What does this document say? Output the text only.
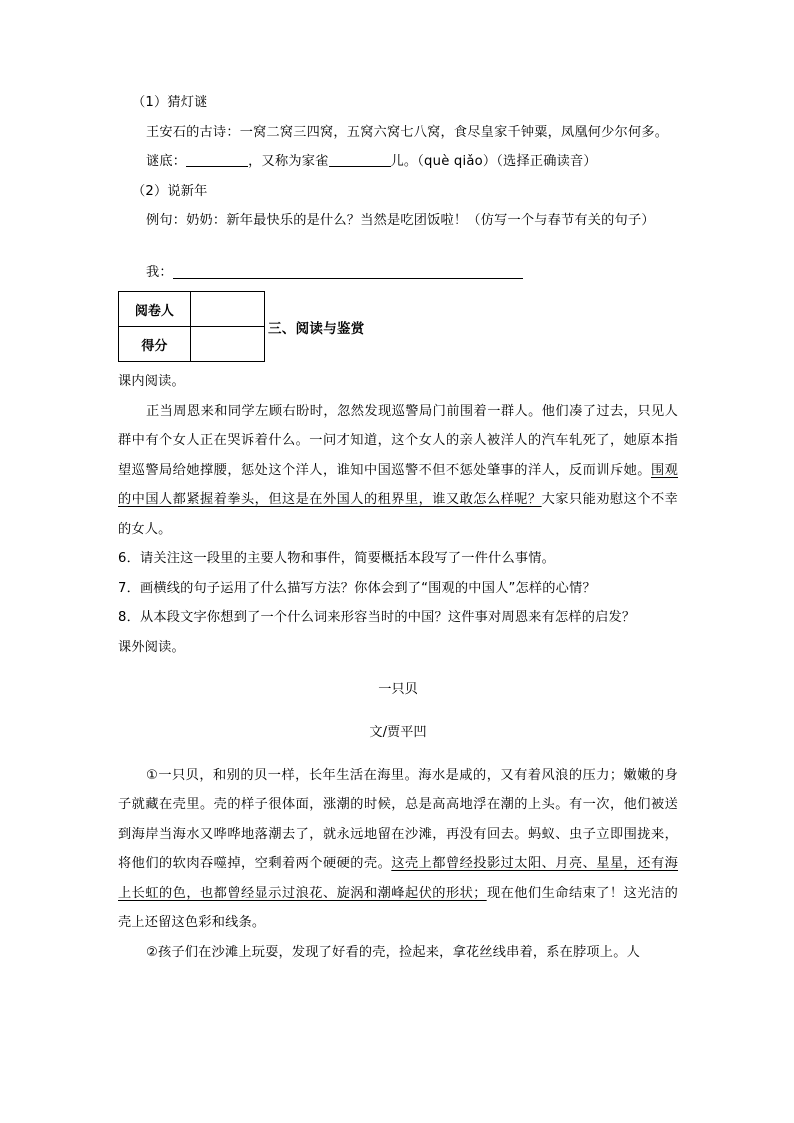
（1）猜灯谜

王安石的古诗：一窝二窝三四窝，五窝六窝七八窝，食尽皇家千钟粟，凤凰何少尔何多。

谜底：	，又称为家雀	儿。（què qiǎo）（选择正确读音）

（2）说新年

例句：奶奶：新年最快乐的是什么？当然是吃团饭啦！（仿写一个与春节有关的句子）

我：

阅卷人	
得分	
三、阅读与鉴赏

课内阅读。

正当周恩来和同学左顾右盼时，忽然发现巡警局门前围着一群人。他们凑了过去，只见人群中有个女人正在哭诉着什么。一问才知道，这个女人的亲人被洋人的汽车轧死了，她原本指望巡警局给她撑腰，惩处这个洋人，谁知中国巡警不但不惩处肇事的洋人，反而训斥她。围观的中国人都紧握着拳头，但这是在外国人的租界里，谁又敢怎么样呢？大家只能劝慰这个不幸的女人。

6．请关注这一段里的主要人物和事件，简要概括本段写了一件什么事情。

7．画横线的句子运用了什么描写方法？你体会到了“围观的中国人”怎样的心情？

8．从本段文字你想到了一个什么词来形容当时的中国？这件事对周恩来有怎样的启发？

课外阅读。

一只贝

文/贾平凹

①一只贝，和别的贝一样，长年生活在海里。海水是咸的，又有着风浪的压力；嫩嫩的身子就藏在壳里。壳的样子很体面，涨潮的时候，总是高高地浮在潮的上头。有一次，他们被送到海岸当海水又哗哗地落潮去了，就永远地留在沙滩，再没有回去。蚂蚁、虫子立即围拢来，将他们的软肉吞噬掉，空剩着两个硬硬的壳。这壳上都曾经投影过太阳、月亮、星星，还有海上长虹的色，也都曾经显示过浪花、旋涡和潮峰起伏的形状；现在他们生命结束了！这光洁的壳上还留这色彩和线条。

②孩子们在沙滩上玩耍，发现了好看的壳，捡起来，拿花丝线串着，系在脖项上。人
